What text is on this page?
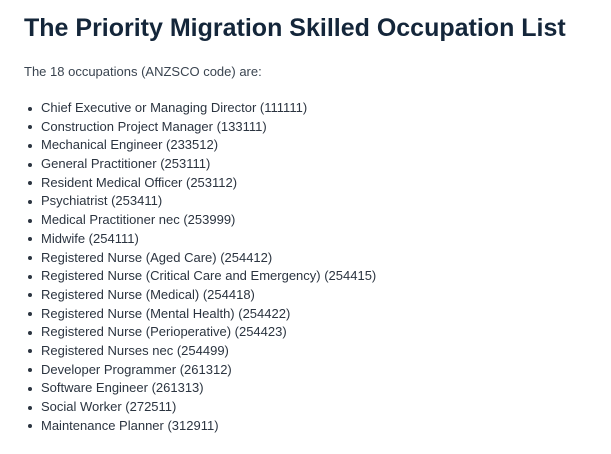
The Priority Migration Skilled Occupation List

The 18 occupations (ANZSCO code) are:

Chief Executive or Managing Director (111111)
Construction Project Manager (133111)
Mechanical Engineer (233512)
General Practitioner (253111)
Resident Medical Officer (253112)
Psychiatrist (253411)
Medical Practitioner nec (253999)
Midwife (254111)
Registered Nurse (Aged Care) (254412)
Registered Nurse (Critical Care and Emergency) (254415)
Registered Nurse (Medical) (254418)
Registered Nurse (Mental Health) (254422)
Registered Nurse (Perioperative) (254423)
Registered Nurses nec (254499)
Developer Programmer (261312)
Software Engineer (261313)
Social Worker (272511)
Maintenance Planner (312911)
